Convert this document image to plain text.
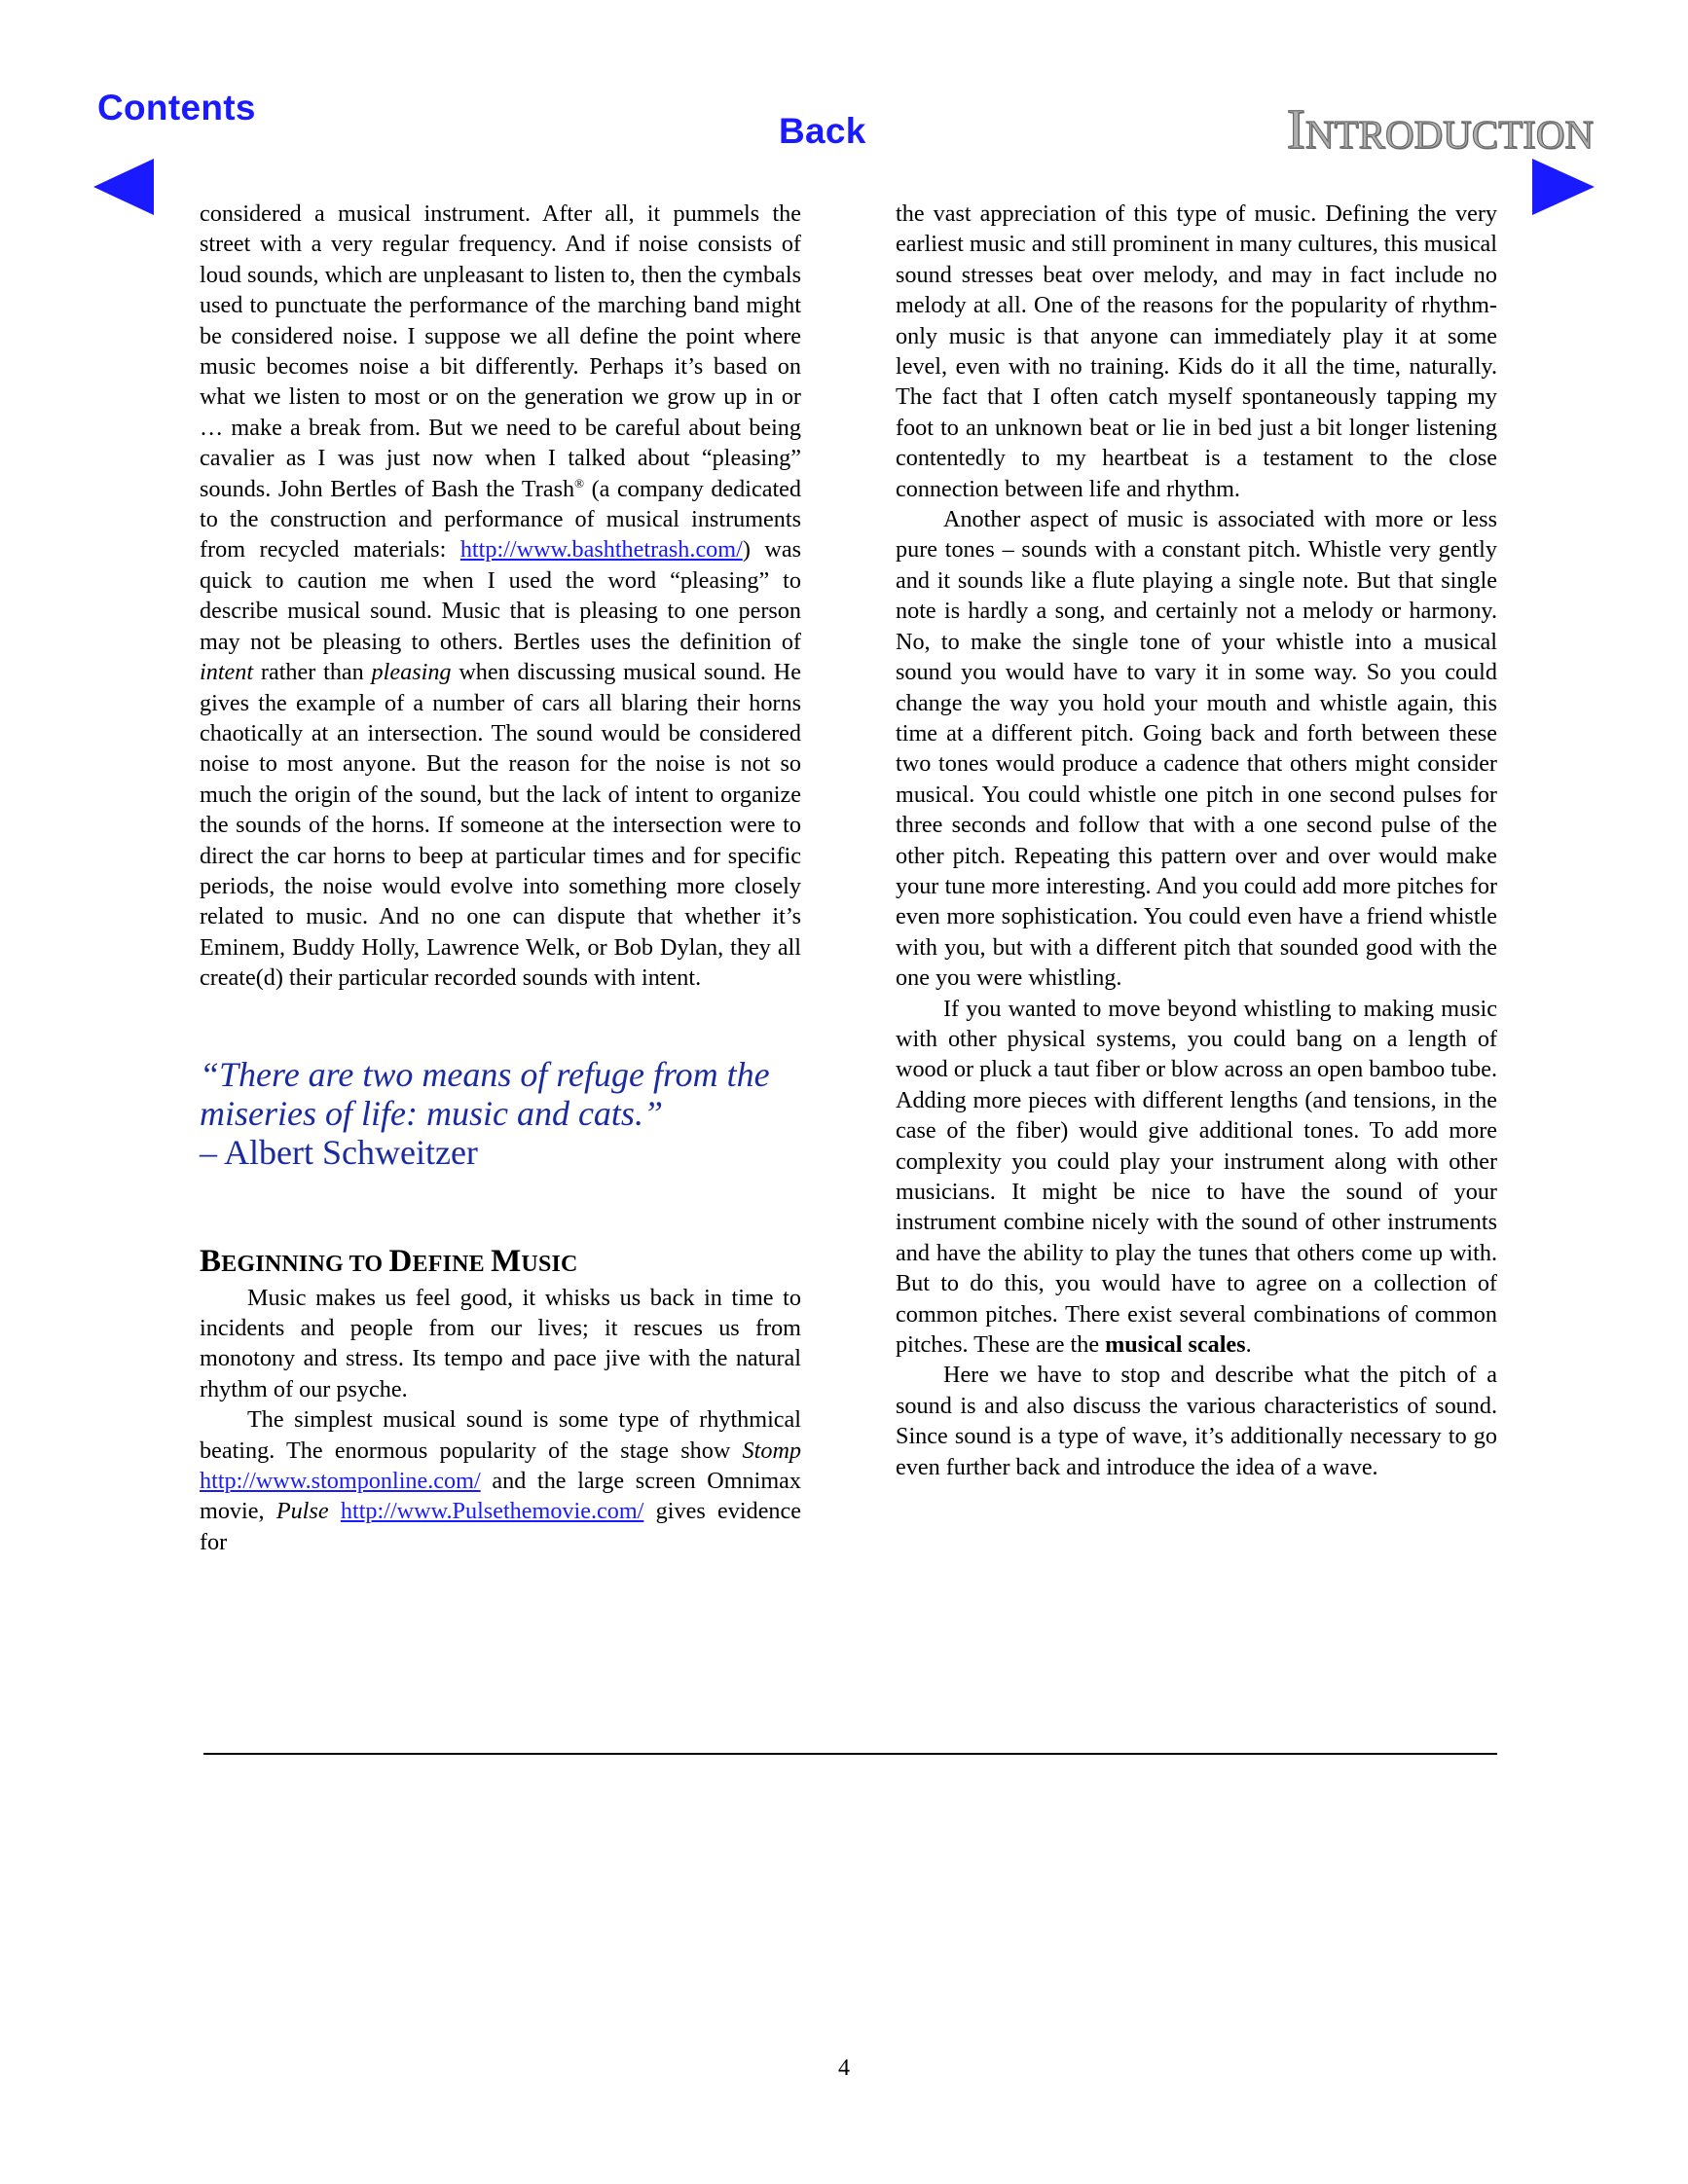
Contents
Back	Introduction

considered a musical instrument. After all, it pummels the street with a very regular frequency. And if noise consists of loud sounds, which are unpleasant to listen to, then the cymbals used to punctuate the performance of the marching band might be considered noise. I suppose we all define the point where music becomes noise a bit differently. Perhaps it’s based on what we listen to most or on the generation we grow up in or … make a break from. But we need to be careful about being cavalier as I was just now when I talked about “pleasing” sounds. John Bertles of Bash the Trash® (a company dedicated to the construction and performance of musical instruments from recycled materials: http://www.bashthetrash.com/) was quick to caution me when I used the word “pleasing” to describe musical sound. Music that is pleasing to one person may not be pleasing to others. Bertles uses the definition of intent rather than pleasing when discussing musical sound. He gives the example of a number of cars all blaring their horns chaotically at an intersection. The sound would be considered noise to most anyone. But the reason for the noise is not so much the origin of the sound, but the lack of intent to organize the sounds of the horns. If someone at the intersection were to direct the car horns to beep at particular times and for specific periods, the noise would evolve into something more closely related to music. And no one can dispute that whether it’s Eminem, Buddy Holly, Lawrence Welk, or Bob Dylan, they all create(d) their particular recorded sounds with intent.

“There are two means of refuge from the miseries of life: music and cats.”
– Albert Schweitzer
BEGINNING TO DEFINE MUSIC

Music makes us feel good, it whisks us back in time to incidents and people from our lives; it rescues us from monotony and stress. Its tempo and pace jive with the natural rhythm of our psyche.

The simplest musical sound is some type of rhythmical beating. The enormous popularity of the stage show Stomp http://www.stomponline.com/ and the large screen Omnimax movie, Pulse http://www.Pulsethemovie.com/ gives evidence for

the vast appreciation of this type of music. Defining the very earliest music and still prominent in many cultures, this musical sound stresses beat over melody, and may in fact include no melody at all. One of the reasons for the popularity of rhythm-only music is that anyone can immediately play it at some level, even with no training. Kids do it all the time, naturally. The fact that I often catch myself spontaneously tapping my foot to an unknown beat or lie in bed just a bit longer listening contentedly to my heartbeat is a testament to the close connection between life and rhythm.

Another aspect of music is associated with more or less pure tones – sounds with a constant pitch. Whistle very gently and it sounds like a flute playing a single note. But that single note is hardly a song, and certainly not a melody or harmony. No, to make the single tone of your whistle into a musical sound you would have to vary it in some way. So you could change the way you hold your mouth and whistle again, this time at a different pitch. Going back and forth between these two tones would produce a cadence that others might consider musical. You could whistle one pitch in one second pulses for three seconds and follow that with a one second pulse of the other pitch. Repeating this pattern over and over would make your tune more interesting. And you could add more pitches for even more sophistication. You could even have a friend whistle with you, but with a different pitch that sounded good with the one you were whistling.

If you wanted to move beyond whistling to making music with other physical systems, you could bang on a length of wood or pluck a taut fiber or blow across an open bamboo tube. Adding more pieces with different lengths (and tensions, in the case of the fiber) would give additional tones. To add more complexity you could play your instrument along with other musicians. It might be nice to have the sound of your instrument combine nicely with the sound of other instruments and have the ability to play the tunes that others come up with. But to do this, you would have to agree on a collection of common pitches. There exist several combinations of common pitches. These are the musical scales.

Here we have to stop and describe what the pitch of a sound is and also discuss the various characteristics of sound. Since sound is a type of wave, it’s additionally necessary to go even further back and introduce the idea of a wave.

4
